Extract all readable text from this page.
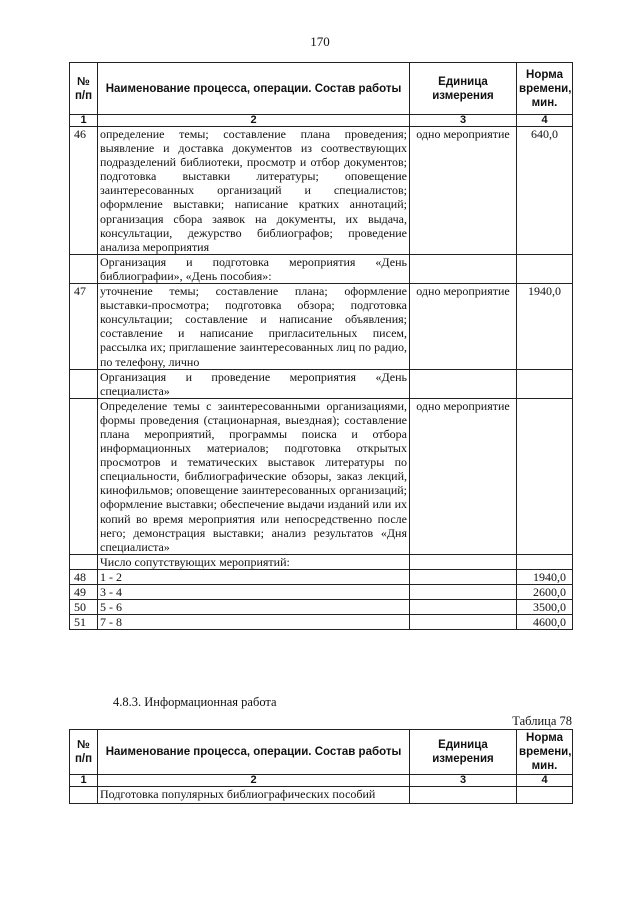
170
№ п/п	Наименование процесса, операции. Состав работы	Единица измерения	Норма времени, мин.
1	2	3	4
46	определение темы; составление плана проведения; выявление и доставка документов из соотвествующих подразделений библиотеки, просмотр и отбор документов; подготовка выставки литературы; оповещение заинтересованных организаций и специалистов; оформление выставки; написание кратких аннотаций; организация сбора заявок на документы, их выдача, консультации, дежурство библиографов; проведение анализа мероприятия	одно мероприятие	640,0
	Организация и подготовка мероприятия «День библиографии», «День пособия»:		
47	уточнение темы; составление плана; оформление выставки-просмотра; подготовка обзора; подготовка консультации; составление и написание объявления; составление и написание пригласительных писем, рассылка их; приглашение заинтересованных лиц по радио, по телефону, лично	одно мероприятие	1940,0
	Организация и проведение мероприятия «День специалиста»		
	Определение темы с заинтересованными организациями, формы проведения (стационарная, выездная); составление плана мероприятий, программы поиска и отбора информационных материалов; подготовка открытых просмотров и тематических выставок литературы по специальности, библиографические обзоры, заказ лекций, кинофильмов; оповещение заинтересованных организаций; оформление выставки; обеспечение выдачи изданий или их копий во время мероприятия или непосредственно после него; демонстрация выставки; анализ результатов «Дня специалиста»	одно мероприятие	
	Число сопутствующих мероприятий:		
48	1 - 2		1940,0
49	3 - 4		2600,0
50	5 - 6		3500,0
51	7 - 8		4600,0
4.8.3. Информационная работа
Таблица 78
№ п/п	Наименование процесса, операции. Состав работы	Единица измерения	Норма времени, мин.
1	2	3	4
	Подготовка популярных библиографических пособий		
